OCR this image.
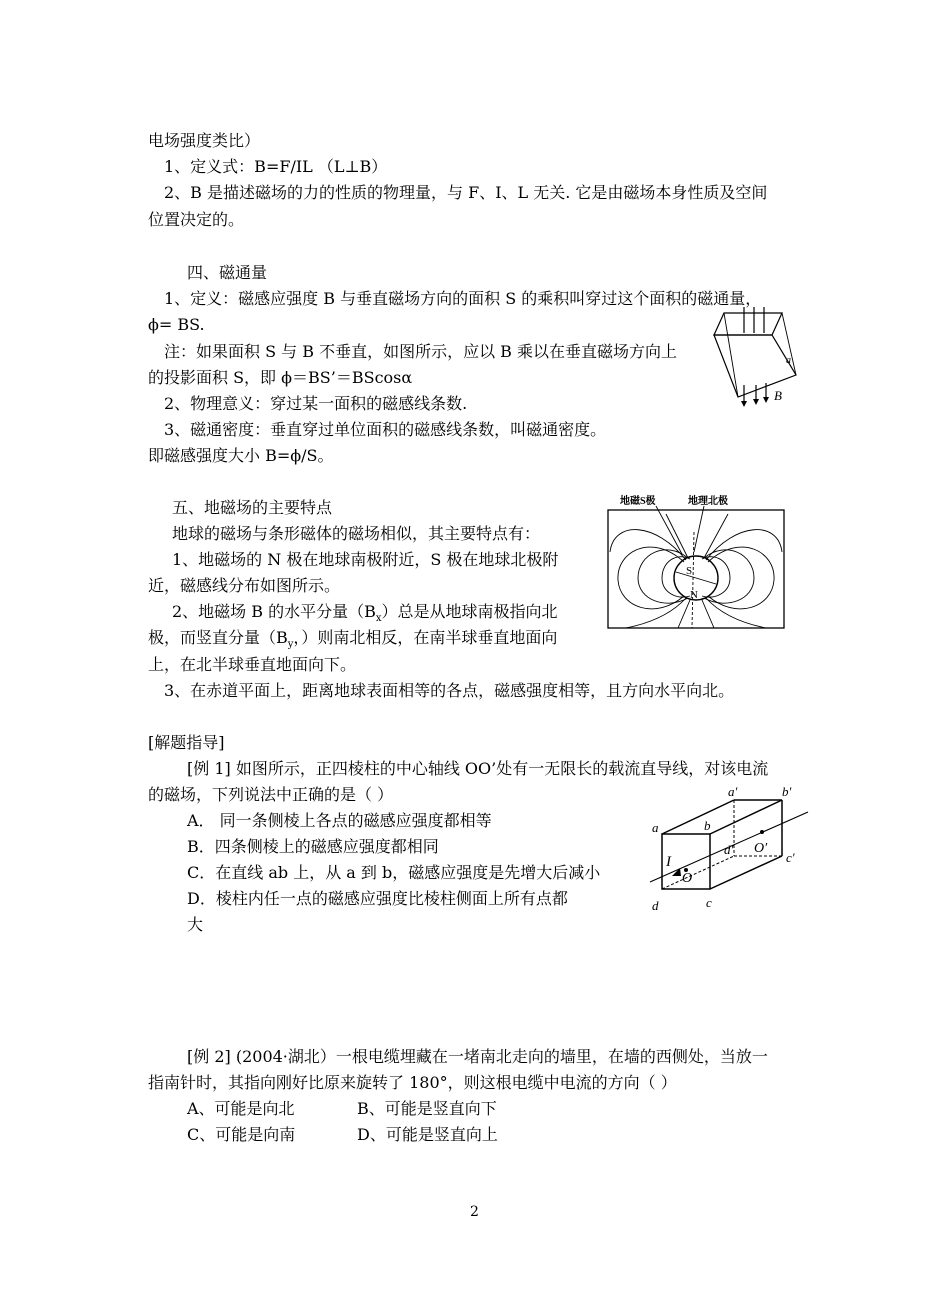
电场强度类比）
1、定义式：B=F/IL （L⊥B）
2、B 是描述磁场的力的性质的物理量，与 F、I、L 无关. 它是由磁场本身性质及空间
位置决定的。
四、磁通量
1、定义：磁感应强度 B 与垂直磁场方向的面积 S 的乘积叫穿过这个面积的磁通量，
ϕ= BS.
注：如果面积 S 与 B 不垂直，如图所示，应以 B 乘以在垂直磁场方向上
的投影面积 S，即 ϕ＝BS’＝BScosα
2、物理意义：穿过某一面积的磁感线条数.
3、磁通密度：垂直穿过单位面积的磁感线条数，叫磁通密度。
即磁感强度大小 B=ϕ/S。
五、地磁场的主要特点
地球的磁场与条形磁体的磁场相似，其主要特点有：
1、地磁场的 N 极在地球南极附近，S 极在地球北极附
近，磁感线分布如图所示。
2、地磁场 B 的水平分量$(B_x)$总是从地球南极指向北
极，而竖直分量（$B_y$，）则南北相反，在南半球垂直地面向
上，在北半球垂直地面向下。
3、在赤道平面上，距离地球表面相等的各点，磁感强度相等，且方向水平向北。
[解题指导]
[例 1] 如图所示，正四棱柱的中心轴线 OO’处有一无限长的载流直导线，对该电流
的磁场，下列说法中正确的是（ ）
A． 同一条侧棱上各点的磁感应强度都相等
B．四条侧棱上的磁感应强度都相同
C．在直线 ab 上，从 a 到 b，磁感应强度是先增大后减小
D．棱柱内任一点的磁感应强度比棱柱侧面上所有点都
大
[例 2] (2004·湖北）一根电缆埋藏在一堵南北走向的墙里，在墙的西侧处，当放一
指南针时，其指向刚好比原来旋转了 180°，则这根电缆中电流的方向（ ）
A、可能是向北	B、可能是竖直向下
C、可能是向南	D、可能是竖直向上
2
B
a
地磁S极	地理北极
S
N
a	b
d	c
a′	b′
c′
d′
I
O
O′
